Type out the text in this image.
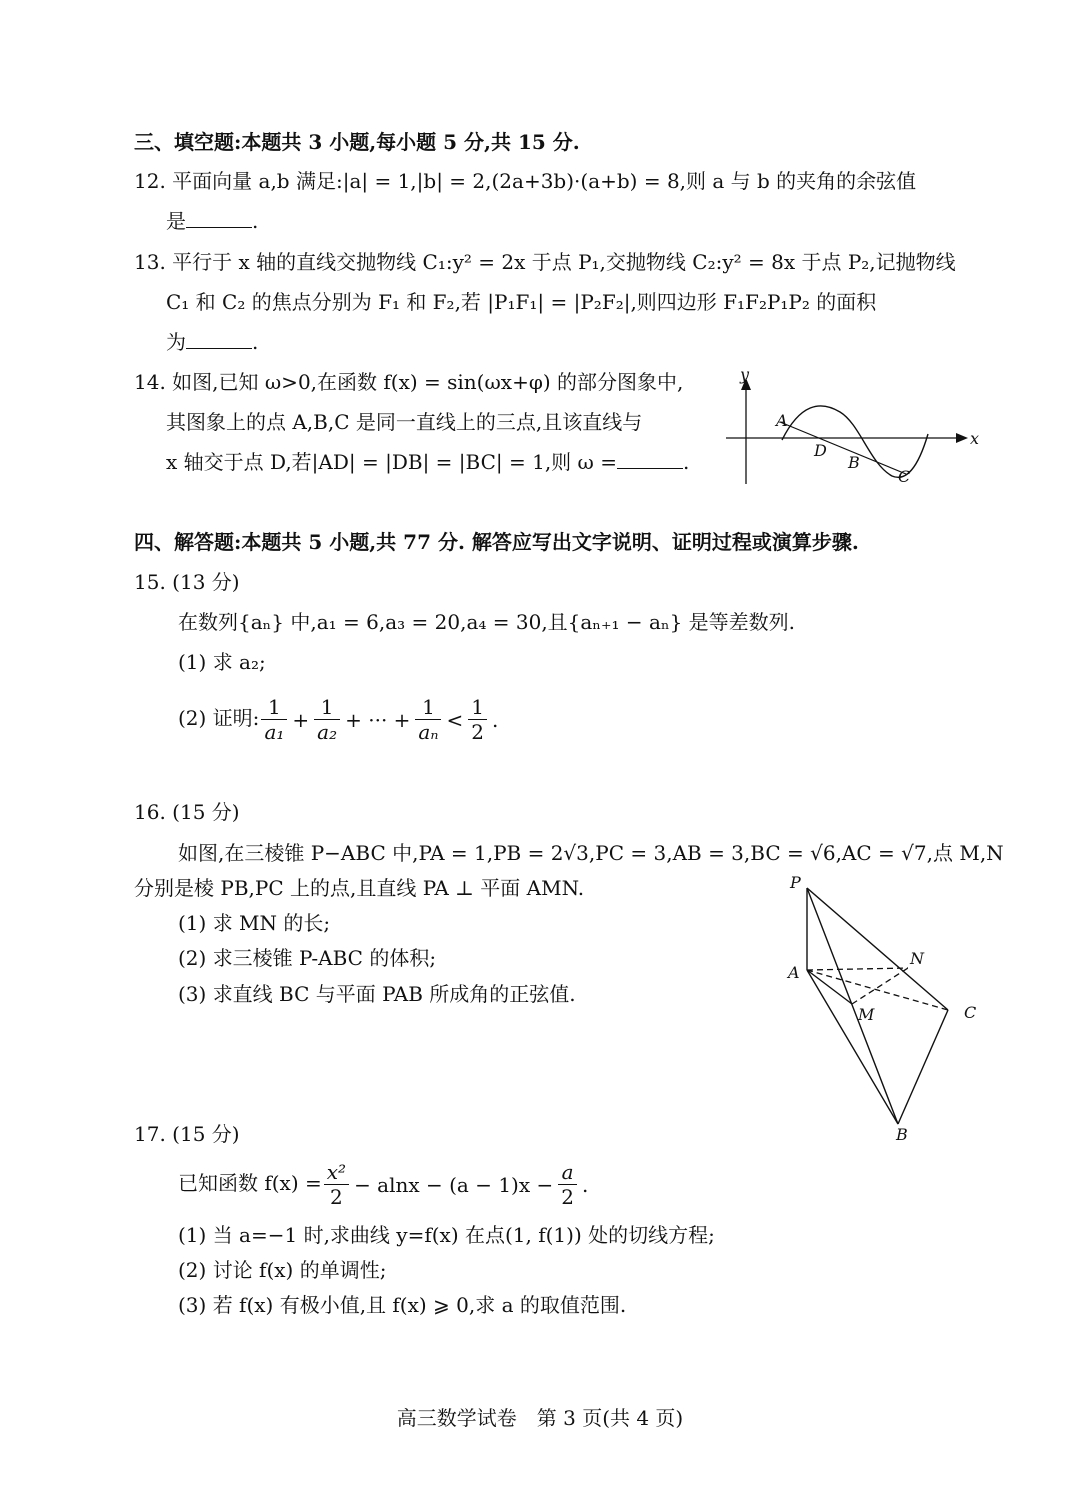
三、填空题:本题共 3 小题,每小题 5 分,共 15 分.
12. 平面向量 a,b 满足:|a| = 1,|b| = 2,(2a+3b)·(a+b) = 8,则 a 与 b 的夹角的余弦值
是	.
13. 平行于 x 轴的直线交抛物线 C₁:y² = 2x 于点 P₁,交抛物线 C₂:y² = 8x 于点 P₂,记抛物线
C₁ 和 C₂ 的焦点分别为 F₁ 和 F₂,若 |P₁F₁| = |P₂F₂|,则四边形 F₁F₂P₁P₂ 的面积
为	.
14. 如图,已知 ω>0,在函数 f(x) = sin(ωx+φ) 的部分图象中,
其图象上的点 A,B,C 是同一直线上的三点,且该直线与
x 轴交于点 D,若|AD| = |DB| = |BC| = 1,则 ω =	.
y
x
A
D
B
C
四、解答题:本题共 5 小题,共 77 分. 解答应写出文字说明、证明过程或演算步骤.
15. (13 分)
在数列{aₙ} 中,a₁ = 6,a₃ = 20,a₄ = 30,且{aₙ₊₁ − aₙ} 是等差数列.
(1) 求 a₂;
(2) 证明: $\frac{1}{\text{a₁}} + \frac{1}{\text{a₂}}$ + ··· + $\frac{1}{\text{aₙ}} < \frac{1}{2}$ .
16. (15 分)
如图,在三棱锥 P−ABC 中,PA = 1,PB = 2√3,PC = 3,AB = 3,BC = √6,AC = √7,点 M,N
分别是棱 PB,PC 上的点,且直线 PA ⊥ 平面 AMN.
(1) 求 MN 的长;
(2) 求三棱锥 P-ABC 的体积;
(3) 求直线 BC 与平面 PAB 所成角的正弦值.
P
A
N
M	C
B
17. (15 分)
已知函数 $f(x) = \frac{\text{x²}}{2} - alnx - (a - 1)x - \frac{a}{2}$ .
(1) 当 a=−1 时,求曲线 y=f(x) 在点(1, f(1)) 处的切线方程;
(2) 讨论 f(x) 的单调性;
(3) 若 f(x) 有极小值,且 f(x) ⩾ 0,求 a 的取值范围.
高三数学试卷　第 3 页(共 4 页)
